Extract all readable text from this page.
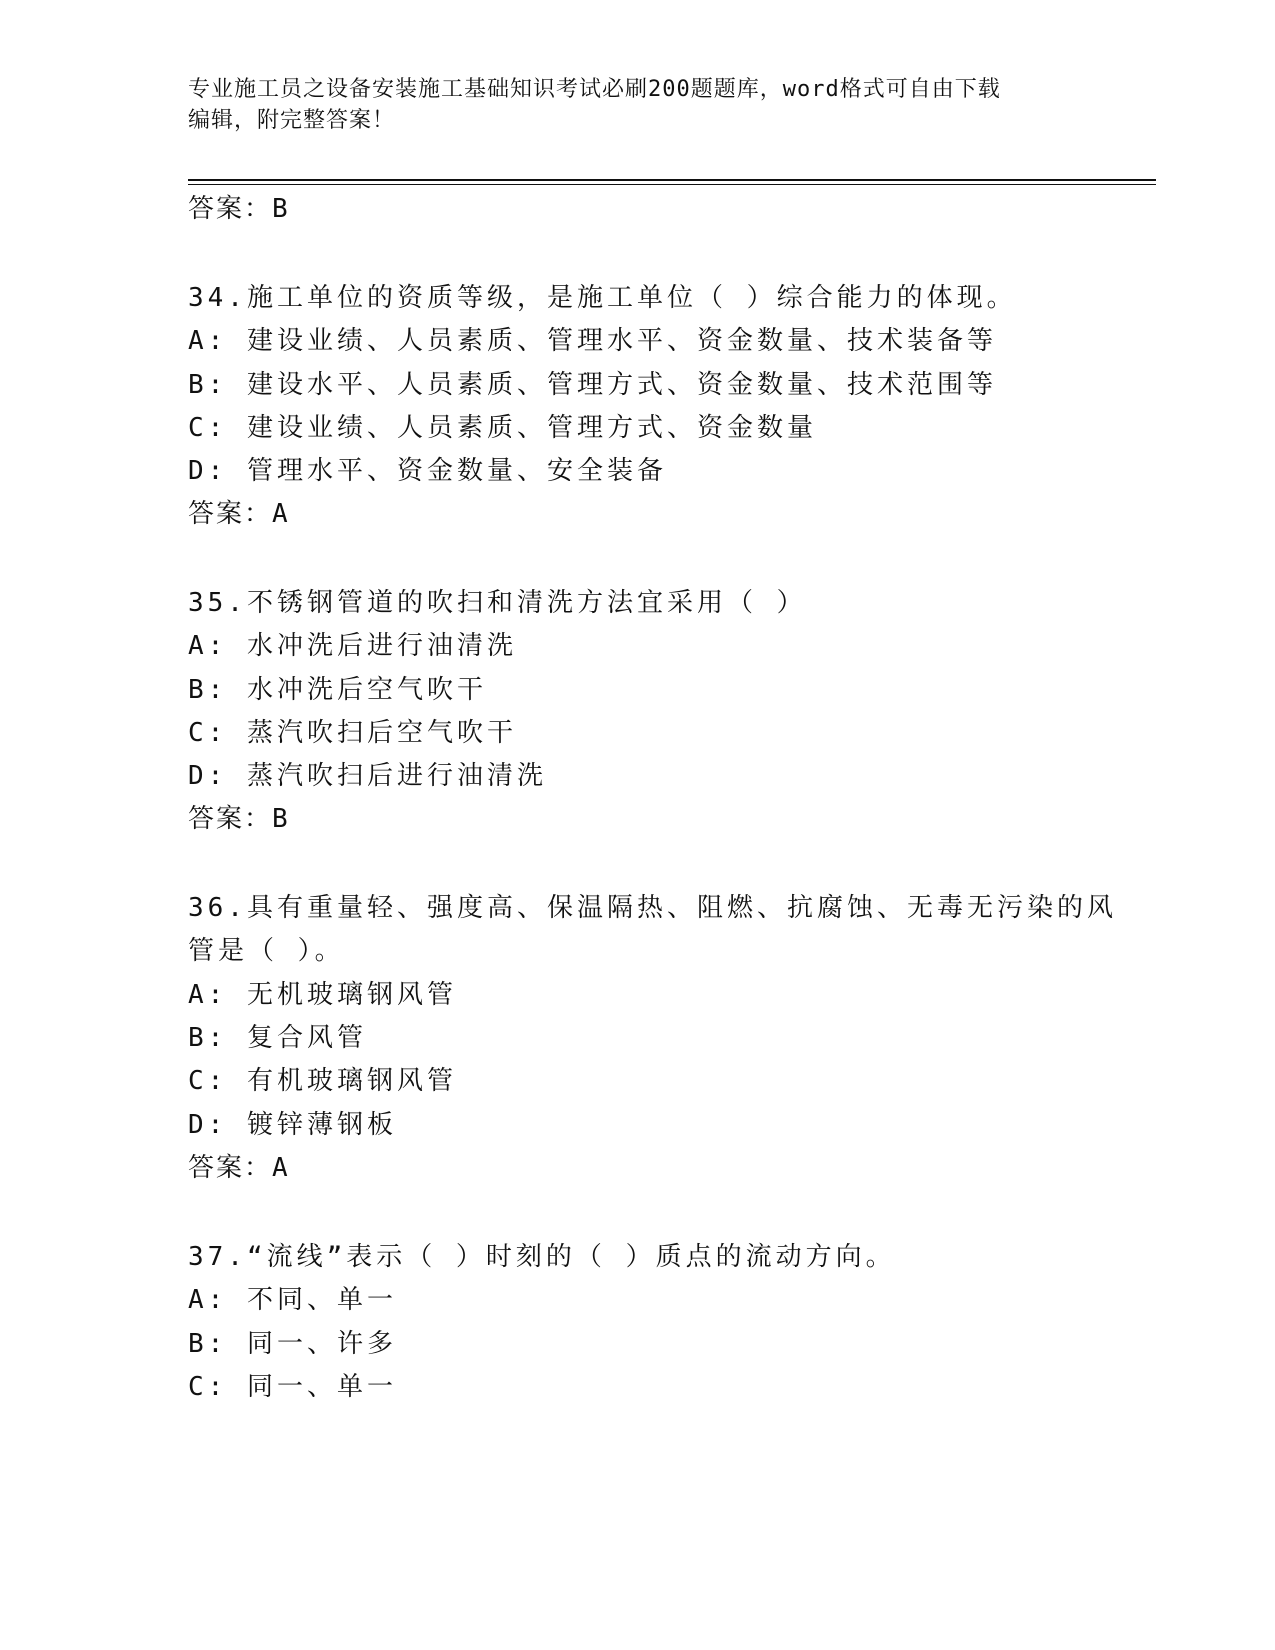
专业施工员之设备安装施工基础知识考试必刷200题题库，word格式可自由下载
编辑，附完整答案！
答案：B
34.施工单位的资质等级，是施工单位（ ）综合能力的体现。
A: 建设业绩、人员素质、管理水平、资金数量、技术装备等
B: 建设水平、人员素质、管理方式、资金数量、技术范围等
C: 建设业绩、人员素质、管理方式、资金数量
D: 管理水平、资金数量、安全装备
答案：A
35.不锈钢管道的吹扫和清洗方法宜采用（ ）
A: 水冲洗后进行油清洗
B: 水冲洗后空气吹干
C: 蒸汽吹扫后空气吹干
D: 蒸汽吹扫后进行油清洗
答案：B
36.具有重量轻、强度高、保温隔热、阻燃、抗腐蚀、无毒无污染的风
管是（ ）。
A: 无机玻璃钢风管
B: 复合风管
C: 有机玻璃钢风管
D: 镀锌薄钢板
答案：A
37.“流线”表示（ ）时刻的（ ）质点的流动方向。
A: 不同、单一
B: 同一、许多
C: 同一、单一
